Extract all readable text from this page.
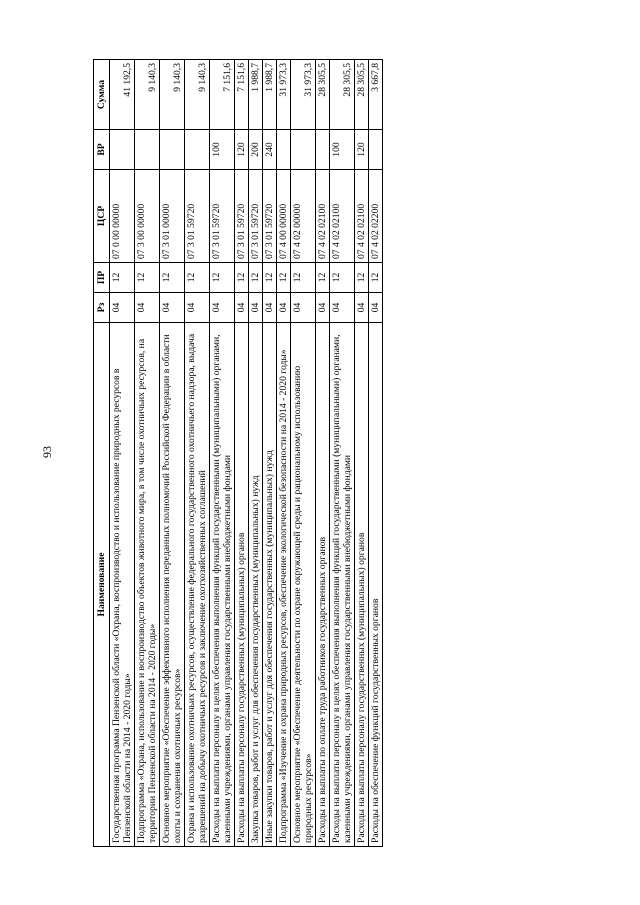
93
Наименование	Рз	ПР	ЦСР	ВР	Сумма
Государственная программа Пензенской области «Охрана, воспроизводство и использование природных ресурсов в Пензенской области на 2014 - 2020 годы»	04	12	07 0 00 00000		41 192,5
Подпрограмма «Охрана, использование и воспроизводство объектов животного мира, в том числе охотничьих ресурсов, на территории Пензенской области на 2014 - 2020 годы»	04	12	07 3 00 00000		9 140,3
Основное мероприятие «Обеспечение эффективного исполнения переданных полномочий Российской Федерации в области охоты и сохранения охотничьих ресурсов»	04	12	07 3 01 00000		9 140,3
Охрана и использование охотничьих ресурсов, осуществление федерального государственного охотничьего надзора, выдача разрешений на добычу охотничьих ресурсов и заключение охотхозяйственных соглашений	04	12	07 3 01 59720		9 140,3
Расходы на выплаты персоналу в целях обеспечения выполнения функций государственными (муниципальными) органами, казенными учреждениями, органами управления государственными внебюджетными фондами	04	12	07 3 01 59720	100	7 151,6
Расходы на выплаты персоналу государственных (муниципальных) органов	04	12	07 3 01 59720	120	7 151,6
Закупка товаров, работ и услуг для обеспечения государственных (муниципальных) нужд	04	12	07 3 01 59720	200	1 988,7
Иные закупки товаров, работ и услуг для обеспечения государственных (муниципальных) нужд	04	12	07 3 01 59720	240	1 988,7
Подпрограмма «Изучение и охрана природных ресурсов, обеспечение экологической безопасности на 2014 - 2020 годы»	04	12	07 4 00 00000		31 973,3
Основное мероприятие «Обеспечение деятельности по охране окружающей среды и рациональному использованию природных ресурсов»	04	12	07 4 02 00000		31 973,3
Расходы на выплаты по оплате труда работников государственных органов	04	12	07 4 02 02100		28 305,5
Расходы на выплаты персоналу в целях обеспечения выполнения функций государственными (муниципальными) органами, казенными учреждениями, органами управления государственными внебюджетными фондами	04	12	07 4 02 02100	100	28 305,5
Расходы на выплаты персоналу государственных (муниципальных) органов	04	12	07 4 02 02100	120	28 305,5
Расходы на обеспечение функций государственных органов	04	12	07 4 02 02200		3 667,8
